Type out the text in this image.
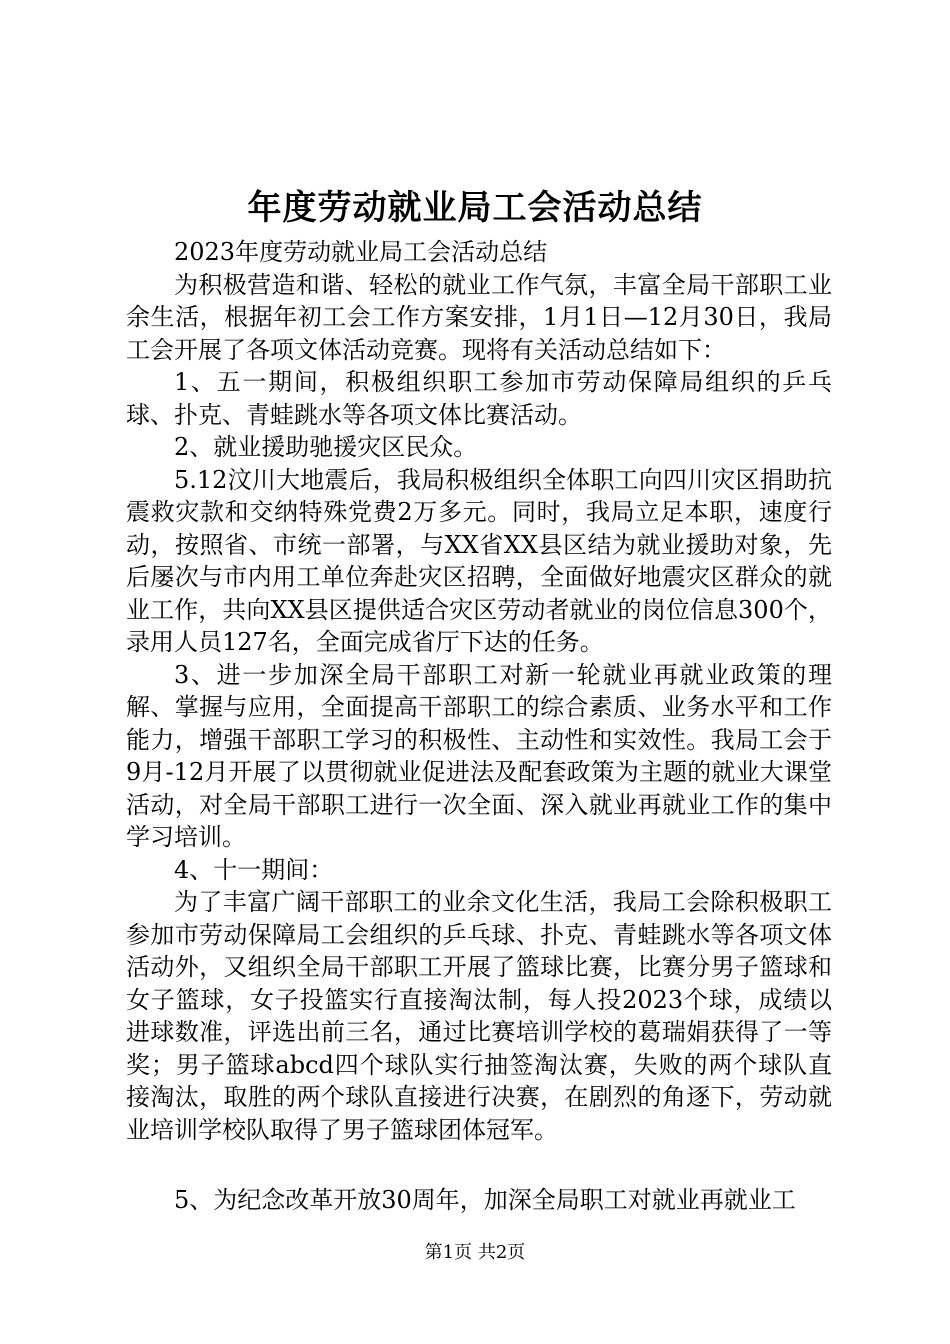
年度劳动就业局工会活动总结

2023年度劳动就业局工会活动总结

为积极营造和谐、轻松的就业工作气氛，丰富全局干部职工业余生活，根据年初工会工作方案安排，1月1日—12月30日，我局工会开展了各项文体活动竞赛。现将有关活动总结如下：

1、五一期间，积极组织职工参加市劳动保障局组织的乒乓球、扑克、青蛙跳水等各项文体比赛活动。

2、就业援助驰援灾区民众。

5.12汶川大地震后，我局积极组织全体职工向四川灾区捐助抗震救灾款和交纳特殊党费2万多元。同时，我局立足本职，速度行动，按照省、市统一部署，与XX省XX县区结为就业援助对象，先后屡次与市内用工单位奔赴灾区招聘，全面做好地震灾区群众的就业工作，共向XX县区提供适合灾区劳动者就业的岗位信息300个，录用人员127名，全面完成省厅下达的任务。

3、进一步加深全局干部职工对新一轮就业再就业政策的理解、掌握与应用，全面提高干部职工的综合素质、业务水平和工作能力，增强干部职工学习的积极性、主动性和实效性。我局工会于9月-12月开展了以贯彻就业促进法及配套政策为主题的就业大课堂活动，对全局干部职工进行一次全面、深入就业再就业工作的集中学习培训。

4、十一期间：

为了丰富广阔干部职工的业余文化生活，我局工会除积极职工参加市劳动保障局工会组织的乒乓球、扑克、青蛙跳水等各项文体活动外，又组织全局干部职工开展了篮球比赛，比赛分男子篮球和女子篮球，女子投篮实行直接淘汰制，每人投2023个球，成绩以进球数准，评选出前三名，通过比赛培训学校的葛瑞娟获得了一等奖；男子篮球abcd四个球队实行抽签淘汰赛，失败的两个球队直接淘汰，取胜的两个球队直接进行决赛，在剧烈的角逐下，劳动就业培训学校队取得了男子篮球团体冠军。

5、为纪念改革开放30周年，加深全局职工对就业再就业工

第1页 共2页
